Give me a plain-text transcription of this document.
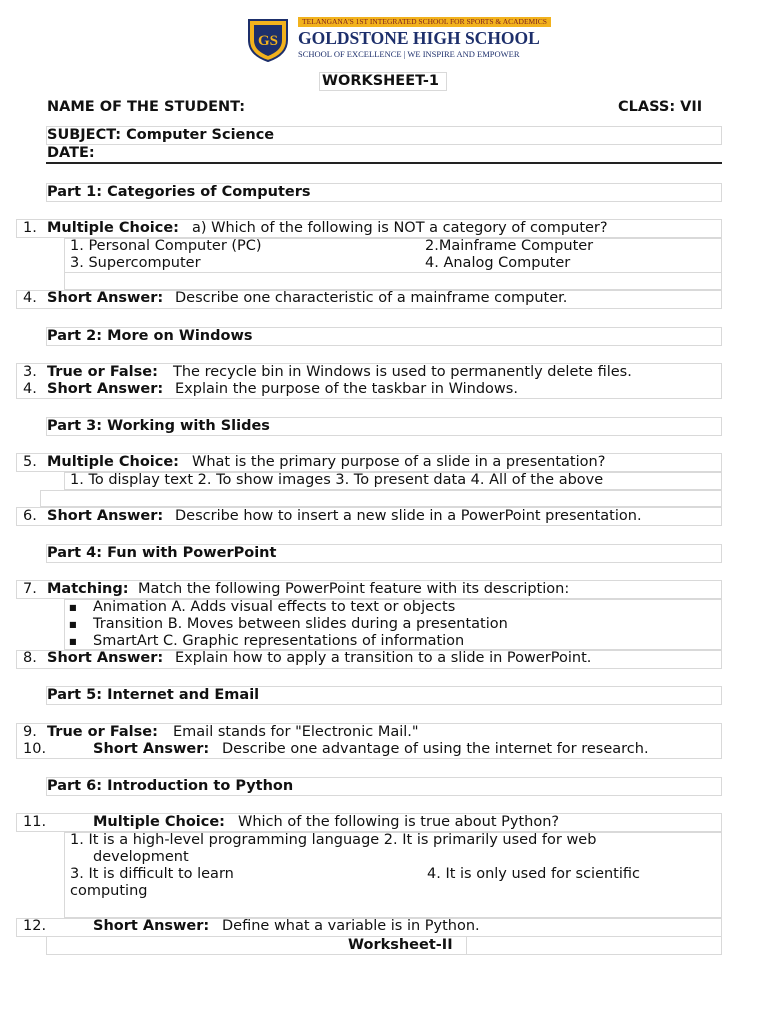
GS
TELANGANA'S 1ST INTEGRATED SCHOOL FOR SPORTS & ACADEMICS
GOLDSTONE HIGH SCHOOL
SCHOOL OF EXCELLENCE | WE INSPIRE AND EMPOWER
WORKSHEET-1
NAME OF THE STUDENT:	CLASS: VII
SUBJECT: Computer Science
DATE:
Part 1: Categories of Computers
1. Multiple Choice: a) Which of the following is NOT a category of computer?
1. Personal Computer (PC)	2.Mainframe Computer
3. Supercomputer	4. Analog Computer
4. Short Answer: Describe one characteristic of a mainframe computer.
Part 2: More on Windows
3. True or False: The recycle bin in Windows is used to permanently delete files.
4. Short Answer: Explain the purpose of the taskbar in Windows.
Part 3: Working with Slides
5. Multiple Choice: What is the primary purpose of a slide in a presentation?
1. To display text 2. To show images 3. To present data 4. All of the above
6. Short Answer: Describe how to insert a new slide in a PowerPoint presentation.
Part 4: Fun with PowerPoint
7. Matching: Match the following PowerPoint feature with its description:
■ Animation A. Adds visual effects to text or objects
■ Transition B. Moves between slides during a presentation
■ SmartArt C. Graphic representations of information
8. Short Answer: Explain how to apply a transition to a slide in PowerPoint.
Part 5: Internet and Email
9. True or False: Email stands for "Electronic Mail."
10.	Short Answer: Describe one advantage of using the internet for research.
Part 6: Introduction to Python
11.	Multiple Choice: Which of the following is true about Python?
1. It is a high-level programming language 2. It is primarily used for web
development
3. It is difficult to learn	4. It is only used for scientific
computing
12.	Short Answer: Define what a variable is in Python.
Worksheet-II
